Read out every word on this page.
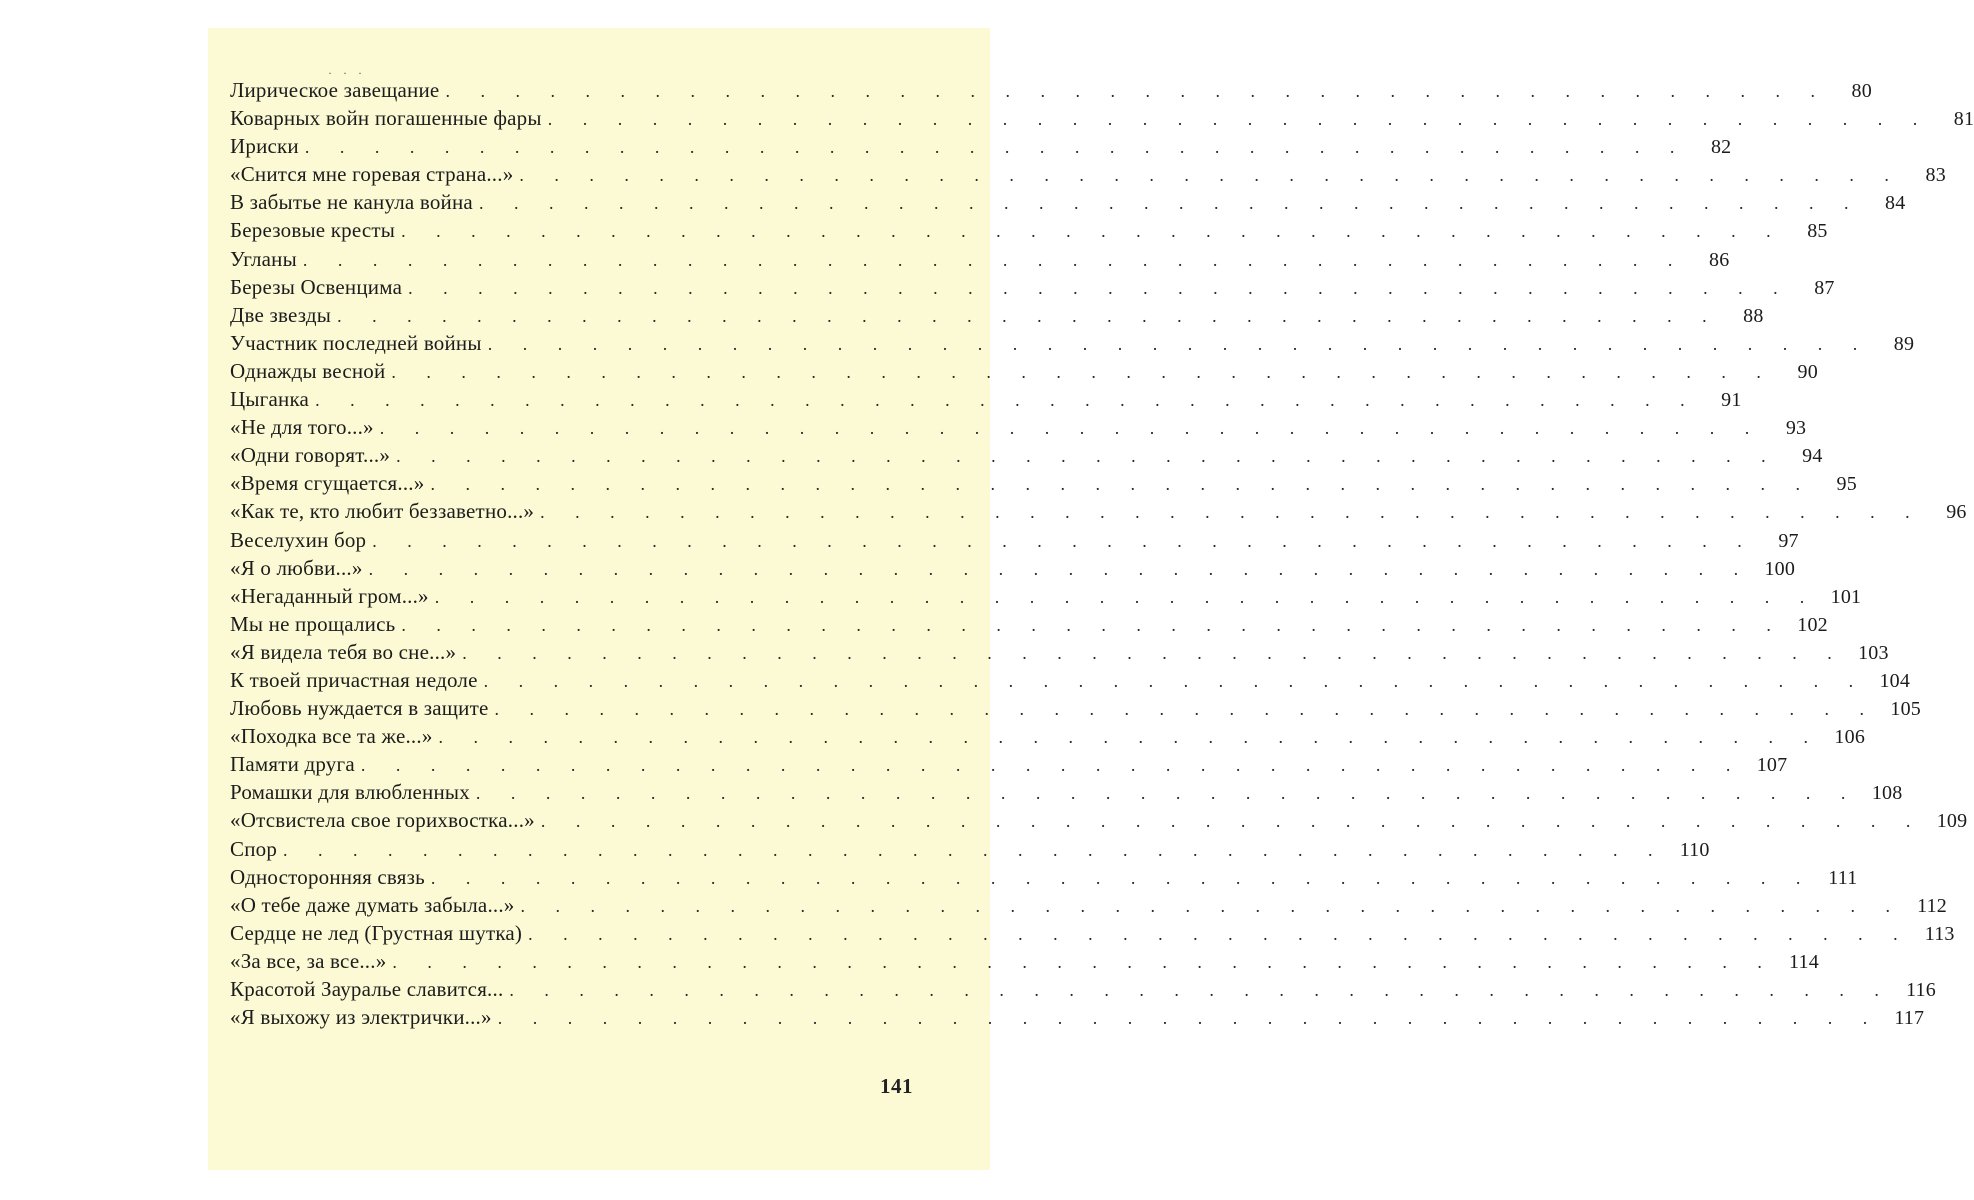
· · ·
Лирическое завещание . . . . . . . . . . . . . . . . . . . . . . . . . . . . . . . . . . . . . . . .	80
Коварных войн погашенные фары . . . . . . . . . . . . . . . . . . . . . . . . . . . . . . . . . . . . . . . .	81
Ириски . . . . . . . . . . . . . . . . . . . . . . . . . . . . . . . . . . . . . . . .	82
«Снится мне горевая страна...» . . . . . . . . . . . . . . . . . . . . . . . . . . . . . . . . . . . . . . . .	83
В забытье не канула война . . . . . . . . . . . . . . . . . . . . . . . . . . . . . . . . . . . . . . . .	84
Березовые кресты . . . . . . . . . . . . . . . . . . . . . . . . . . . . . . . . . . . . . . . .	85
Угланы . . . . . . . . . . . . . . . . . . . . . . . . . . . . . . . . . . . . . . . .	86
Березы Освенцима . . . . . . . . . . . . . . . . . . . . . . . . . . . . . . . . . . . . . . . .	87
Две звезды . . . . . . . . . . . . . . . . . . . . . . . . . . . . . . . . . . . . . . . .	88
Участник последней войны . . . . . . . . . . . . . . . . . . . . . . . . . . . . . . . . . . . . . . . .	89
Однажды весной . . . . . . . . . . . . . . . . . . . . . . . . . . . . . . . . . . . . . . . .	90
Цыганка . . . . . . . . . . . . . . . . . . . . . . . . . . . . . . . . . . . . . . . .	91
«Не для того...» . . . . . . . . . . . . . . . . . . . . . . . . . . . . . . . . . . . . . . . .	93
«Одни говорят...» . . . . . . . . . . . . . . . . . . . . . . . . . . . . . . . . . . . . . . . .	94
«Время сгущается...» . . . . . . . . . . . . . . . . . . . . . . . . . . . . . . . . . . . . . . . .	95
«Как те, кто любит беззаветно...» . . . . . . . . . . . . . . . . . . . . . . . . . . . . . . . . . . . . . . . .	96
Веселухин бор . . . . . . . . . . . . . . . . . . . . . . . . . . . . . . . . . . . . . . . .	97
«Я о любви...» . . . . . . . . . . . . . . . . . . . . . . . . . . . . . . . . . . . . . . . . 100
«Негаданный гром...» . . . . . . . . . . . . . . . . . . . . . . . . . . . . . . . . . . . . . . . . 101
Мы не прощались . . . . . . . . . . . . . . . . . . . . . . . . . . . . . . . . . . . . . . . . 102
«Я видела тебя во сне...» . . . . . . . . . . . . . . . . . . . . . . . . . . . . . . . . . . . . . . . . 103
К твоей причастная недоле . . . . . . . . . . . . . . . . . . . . . . . . . . . . . . . . . . . . . . . . 104
Любовь нуждается в защите . . . . . . . . . . . . . . . . . . . . . . . . . . . . . . . . . . . . . . . . 105
«Походка все та же...» . . . . . . . . . . . . . . . . . . . . . . . . . . . . . . . . . . . . . . . . 106
Памяти друга . . . . . . . . . . . . . . . . . . . . . . . . . . . . . . . . . . . . . . . . 107
Ромашки для влюбленных . . . . . . . . . . . . . . . . . . . . . . . . . . . . . . . . . . . . . . . . 108
«Отсвистела свое горихвостка...» . . . . . . . . . . . . . . . . . . . . . . . . . . . . . . . . . . . . . . . . 109
Спор . . . . . . . . . . . . . . . . . . . . . . . . . . . . . . . . . . . . . . . . 110
Односторонняя связь . . . . . . . . . . . . . . . . . . . . . . . . . . . . . . . . . . . . . . . . 111
«О тебе даже думать забыла...» . . . . . . . . . . . . . . . . . . . . . . . . . . . . . . . . . . . . . . . . 112
Сердце не лед (Грустная шутка) . . . . . . . . . . . . . . . . . . . . . . . . . . . . . . . . . . . . . . . . 113
«За все, за все...» . . . . . . . . . . . . . . . . . . . . . . . . . . . . . . . . . . . . . . . . 114
Красотой Зауралье славится... . . . . . . . . . . . . . . . . . . . . . . . . . . . . . . . . . . . . . . . . 116
«Я выхожу из электрички...» . . . . . . . . . . . . . . . . . . . . . . . . . . . . . . . . . . . . . . . . 117
141
